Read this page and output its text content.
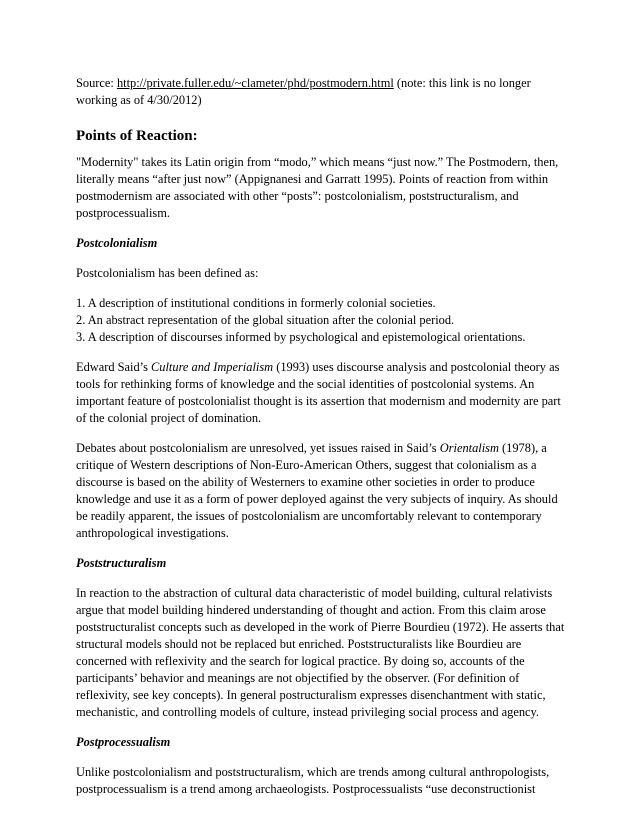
Source: http://private.fuller.edu/~clameter/phd/postmodern.html (note: this link is no longer working as of 4/30/2012)

Points of Reaction:

"Modernity" takes its Latin origin from “modo,” which means “just now.” The Postmodern, then, literally means “after just now” (Appignanesi and Garratt 1995). Points of reaction from within postmodernism are associated with other “posts”: postcolonialism, poststructuralism, and postprocessualism.

Postcolonialism

Postcolonialism has been defined as:

1. A description of institutional conditions in formerly colonial societies.
2. An abstract representation of the global situation after the colonial period.
3. A description of discourses informed by psychological and epistemological orientations.

Edward Said’s Culture and Imperialism (1993) uses discourse analysis and postcolonial theory as tools for rethinking forms of knowledge and the social identities of postcolonial systems. An important feature of postcolonialist thought is its assertion that modernism and modernity are part of the colonial project of domination.

Debates about postcolonialism are unresolved, yet issues raised in Said’s Orientalism (1978), a critique of Western descriptions of Non-Euro-American Others, suggest that colonialism as a discourse is based on the ability of Westerners to examine other societies in order to produce knowledge and use it as a form of power deployed against the very subjects of inquiry. As should be readily apparent, the issues of postcolonialism are uncomfortably relevant to contemporary anthropological investigations.

Poststructuralism

In reaction to the abstraction of cultural data characteristic of model building, cultural relativists argue that model building hindered understanding of thought and action. From this claim arose poststructuralist concepts such as developed in the work of Pierre Bourdieu (1972). He asserts that structural models should not be replaced but enriched. Poststructuralists like Bourdieu are concerned with reflexivity and the search for logical practice. By doing so, accounts of the participants’ behavior and meanings are not objectified by the observer. (For definition of reflexivity, see key concepts). In general postructuralism expresses disenchantment with static, mechanistic, and controlling models of culture, instead privileging social process and agency.

Postprocessualism

Unlike postcolonialism and poststructuralism, which are trends among cultural anthropologists, postprocessualism is a trend among archaeologists. Postprocessualists “use deconstructionist
